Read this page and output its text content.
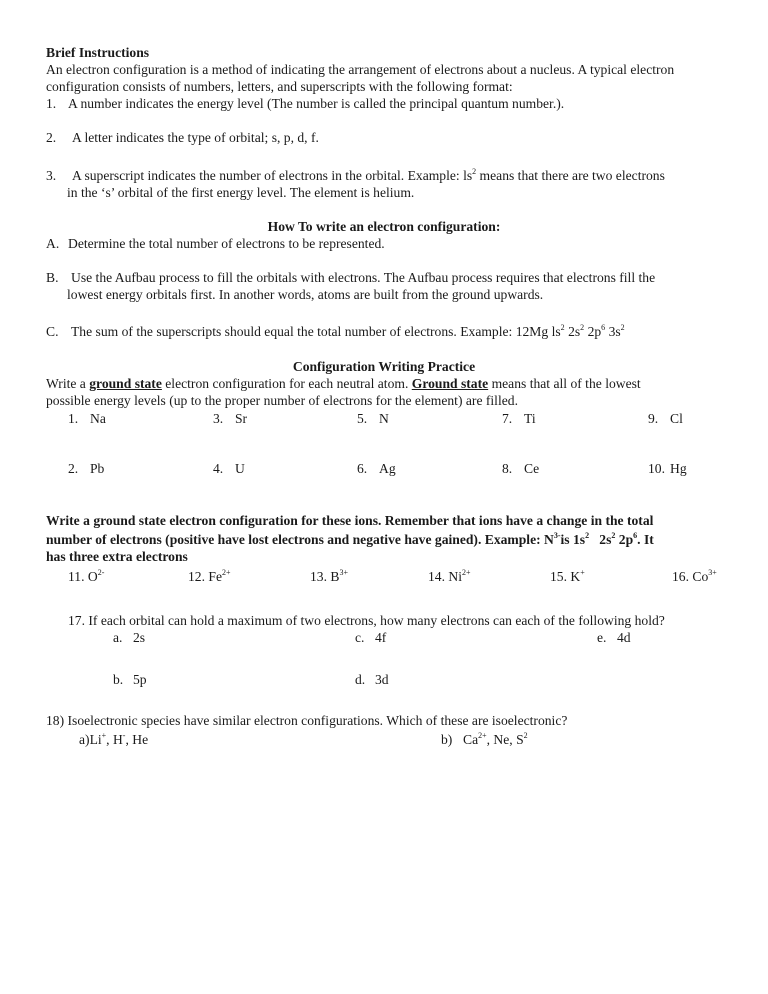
Brief Instructions
An electron configuration is a method of indicating the arrangement of electrons about a nucleus. A typical electron
configuration consists of numbers, letters, and superscripts with the following format:
1. A number indicates the energy level (The number is called the principal quantum number.).
2. A letter indicates the type of orbital; s, p, d, f.
3. A superscript indicates the number of electrons in the orbital. Example: $ls^2$ means that there are two electrons
in the ‘s’ orbital of the first energy level. The element is helium.
How To write an electron configuration:
A. Determine the total number of electrons to be represented.
B. Use the Aufbau process to fill the orbitals with electrons. The Aufbau process requires that electrons fill the
lowest energy orbitals first. In another words, atoms are built from the ground upwards.
C. The sum of the superscripts should equal the total number of electrons. Example: 12Mg $ls^2$ $2s^2$ $2p^6$ $3s^2$
Configuration Writing Practice
Write a ground state electron configuration for each neutral atom. Ground state means that all of the lowest
possible energy levels (up to the proper number of electrons for the element) are filled.
1. Na	3. Sr	5. N	7. Ti	9. Cl
2. Pb	4. U	6. Ag	8. Ce	10. Hg
Write a ground state electron configuration for these ions. Remember that ions have a change in the total
number of electrons (positive have lost electrons and negative have gained). Example: $N^{3-}is$ $1s^2$ $2s^2$ $2p^6$. It
has three extra electrons
11. $O^{2-}$	12. $Fe^{2+}$	13. $B^{3+}$	14. $Ni^{2+}$	15. K+	16. $Co^{3+}$
17. If each orbital can hold a maximum of two electrons, how many electrons can each of the following hold?
a. 2s	c. 4f	e. 4d
b. 5p	d. 3d
18) Isoelectronic species have similar electron configurations. Which of these are isoelectronic?
a)Li+, H-, He	b) $Ca^{2+}$, Ne, $S^2$
